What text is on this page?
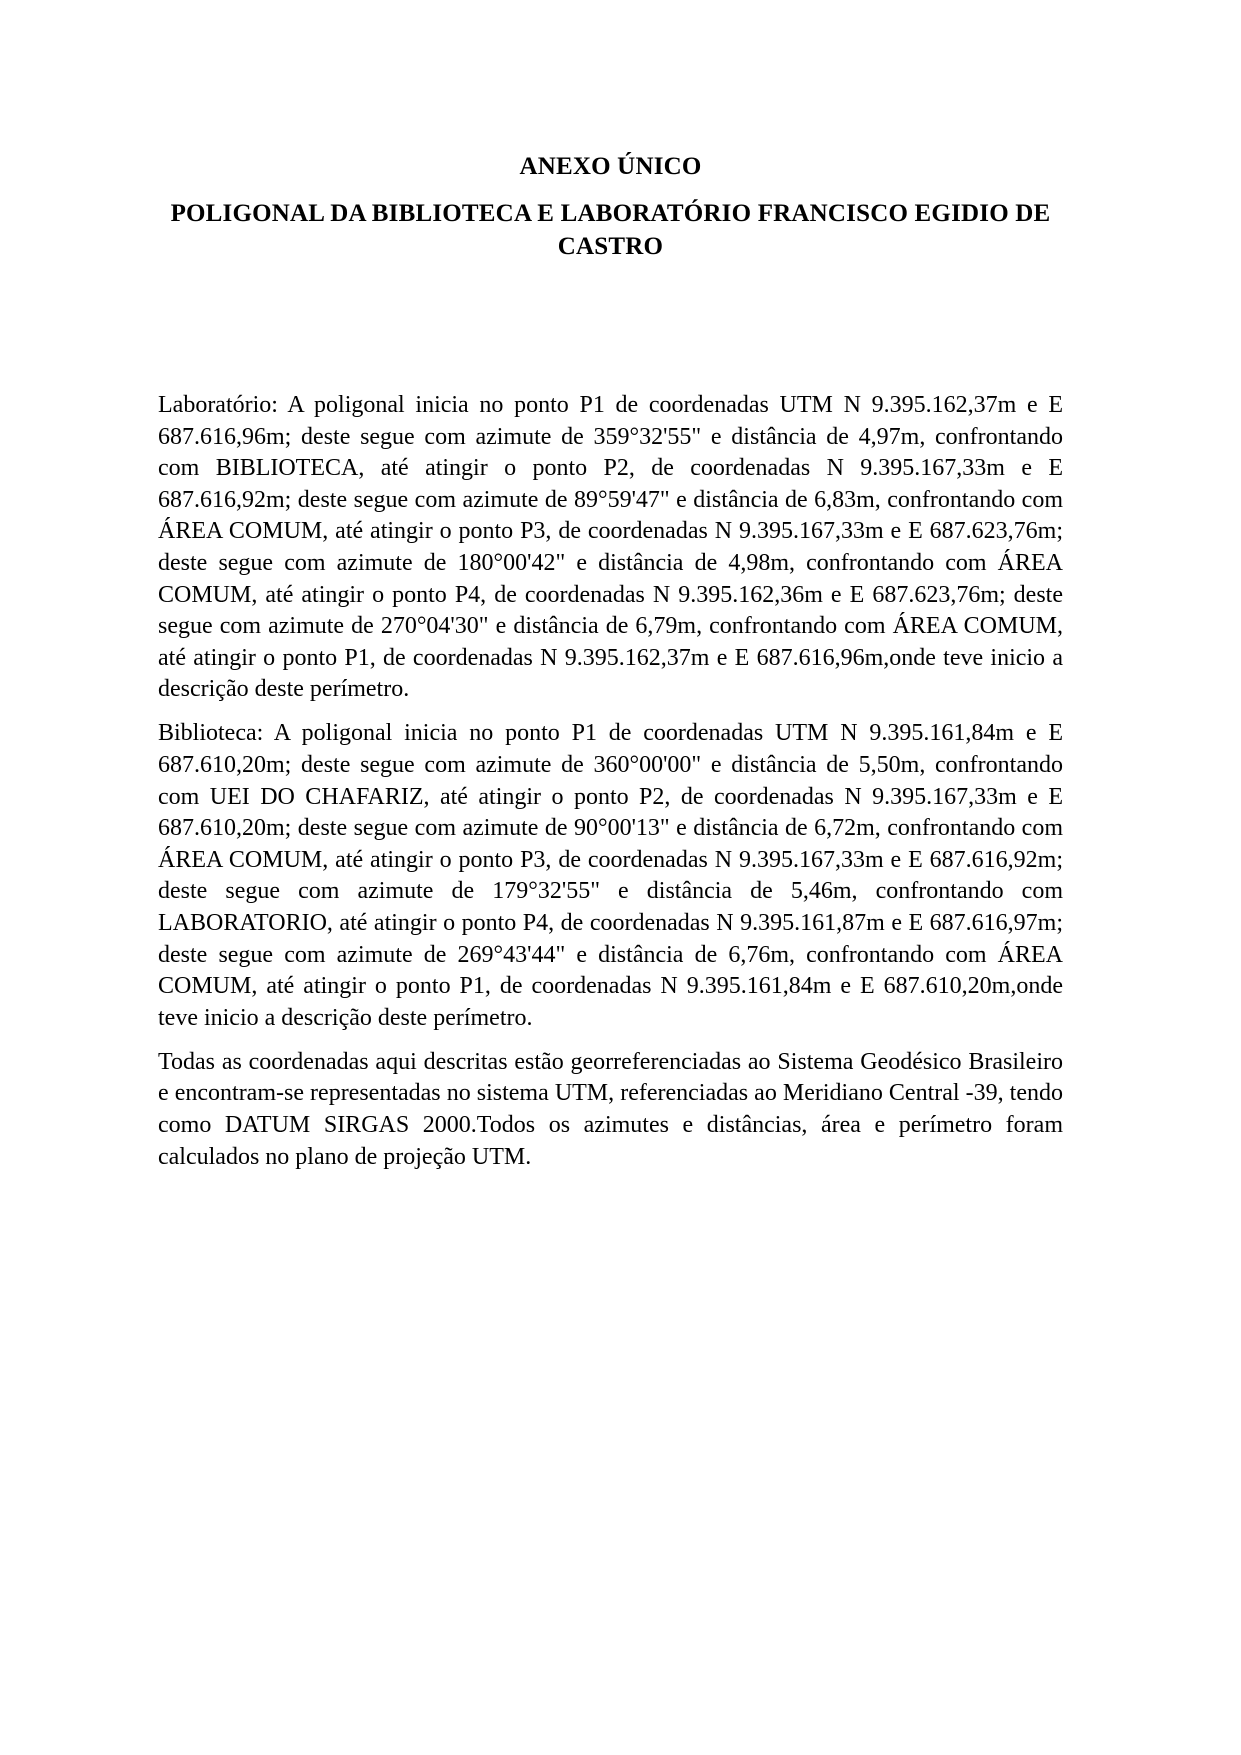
ANEXO ÚNICO
POLIGONAL DA BIBLIOTECA E LABORATÓRIO FRANCISCO EGIDIO DE CASTRO

Laboratório: A poligonal inicia no ponto P1 de coordenadas UTM N 9.395.162,37m e E 687.616,96m; deste segue com azimute de 359°32'55" e distância de 4,97m, confrontando com BIBLIOTECA, até atingir o ponto P2, de coordenadas N 9.395.167,33m e E 687.616,92m; deste segue com azimute de 89°59'47" e distância de 6,83m, confrontando com ÁREA COMUM, até atingir o ponto P3, de coordenadas N 9.395.167,33m e E 687.623,76m; deste segue com azimute de 180°00'42" e distância de 4,98m, confrontando com ÁREA COMUM, até atingir o ponto P4, de coordenadas N 9.395.162,36m e E 687.623,76m; deste segue com azimute de 270°04'30" e distância de 6,79m, confrontando com ÁREA COMUM, até atingir o ponto P1, de coordenadas N 9.395.162,37m e E 687.616,96m,onde teve inicio a descrição deste perímetro.

Biblioteca: A poligonal inicia no ponto P1 de coordenadas UTM N 9.395.161,84m e E 687.610,20m; deste segue com azimute de 360°00'00" e distância de 5,50m, confrontando com UEI DO CHAFARIZ, até atingir o ponto P2, de coordenadas N 9.395.167,33m e E 687.610,20m; deste segue com azimute de 90°00'13" e distância de 6,72m, confrontando com ÁREA COMUM, até atingir o ponto P3, de coordenadas N 9.395.167,33m e E 687.616,92m; deste segue com azimute de 179°32'55" e distância de 5,46m, confrontando com LABORATORIO, até atingir o ponto P4, de coordenadas N 9.395.161,87m e E 687.616,97m; deste segue com azimute de 269°43'44" e distância de 6,76m, confrontando com ÁREA COMUM, até atingir o ponto P1, de coordenadas N 9.395.161,84m e E 687.610,20m,onde teve inicio a descrição deste perímetro.

Todas as coordenadas aqui descritas estão georreferenciadas ao Sistema Geodésico Brasileiro e encontram-se representadas no sistema UTM, referenciadas ao Meridiano Central -39, tendo como DATUM SIRGAS 2000.Todos os azimutes e distâncias, área e perímetro foram calculados no plano de projeção UTM.
